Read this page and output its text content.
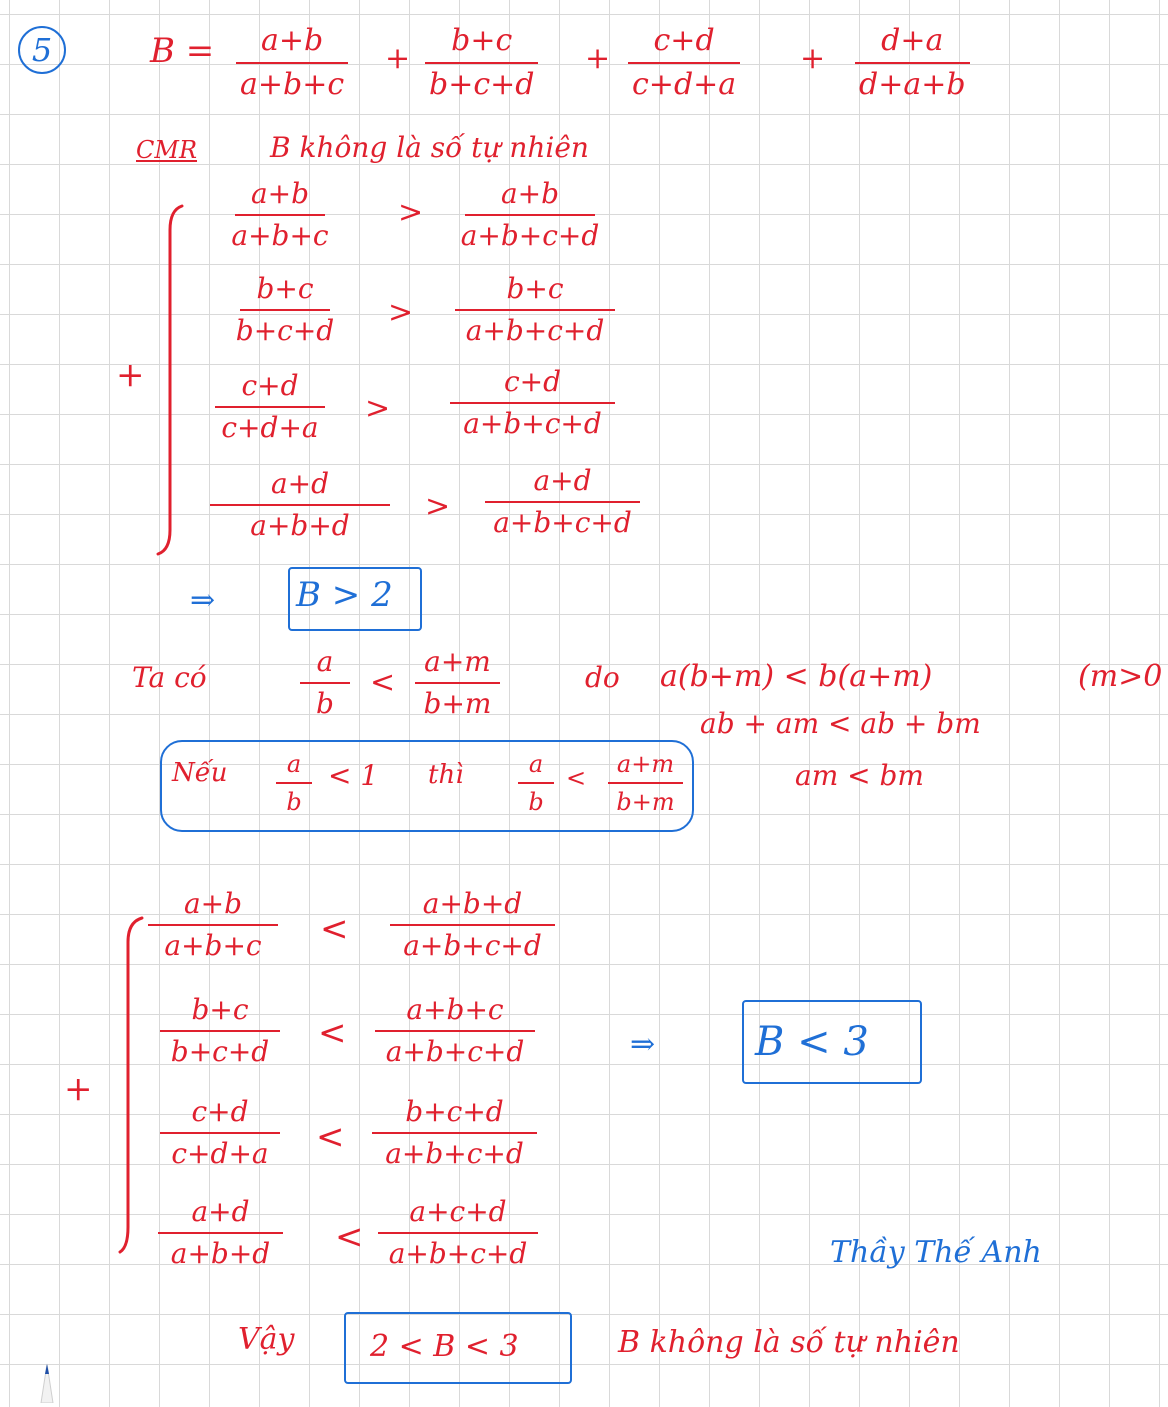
5	B = a+b
a+b+c
+
b+c
b+c+d
+
c+d
c+d+a
+
d+a
d+a+b
CMR	B không là số tự nhiên
+
a+b
a+b+c
>
a+b
a+b+c+d
b+c
b+c+d
>
b+c
a+b+c+d
c+d
c+d+a
>
c+d
a+b+c+d
a+d
a+b+d
>
a+d
a+b+c+d
⇒ B > 2
Ta có	a
b
<
a+m
b+m
do a(b+m) < b(a+m)	(m>0
ab + am < ab + bm
am < bm
Nếu a
b
< 1 thì	a
b
< a+m
b+m
+
a+b
a+b+c <
a+b+d
a+b+c+d
b+c
b+c+d <
a+b+c
a+b+c+d
c+d
c+d+a <
b+c+d
a+b+c+d
a+d
a+b+d <
a+c+d
a+b+c+d
⇒ B < 3
Thầy Thế Anh
Vậy	2 < B < 3	B không là số tự nhiên
